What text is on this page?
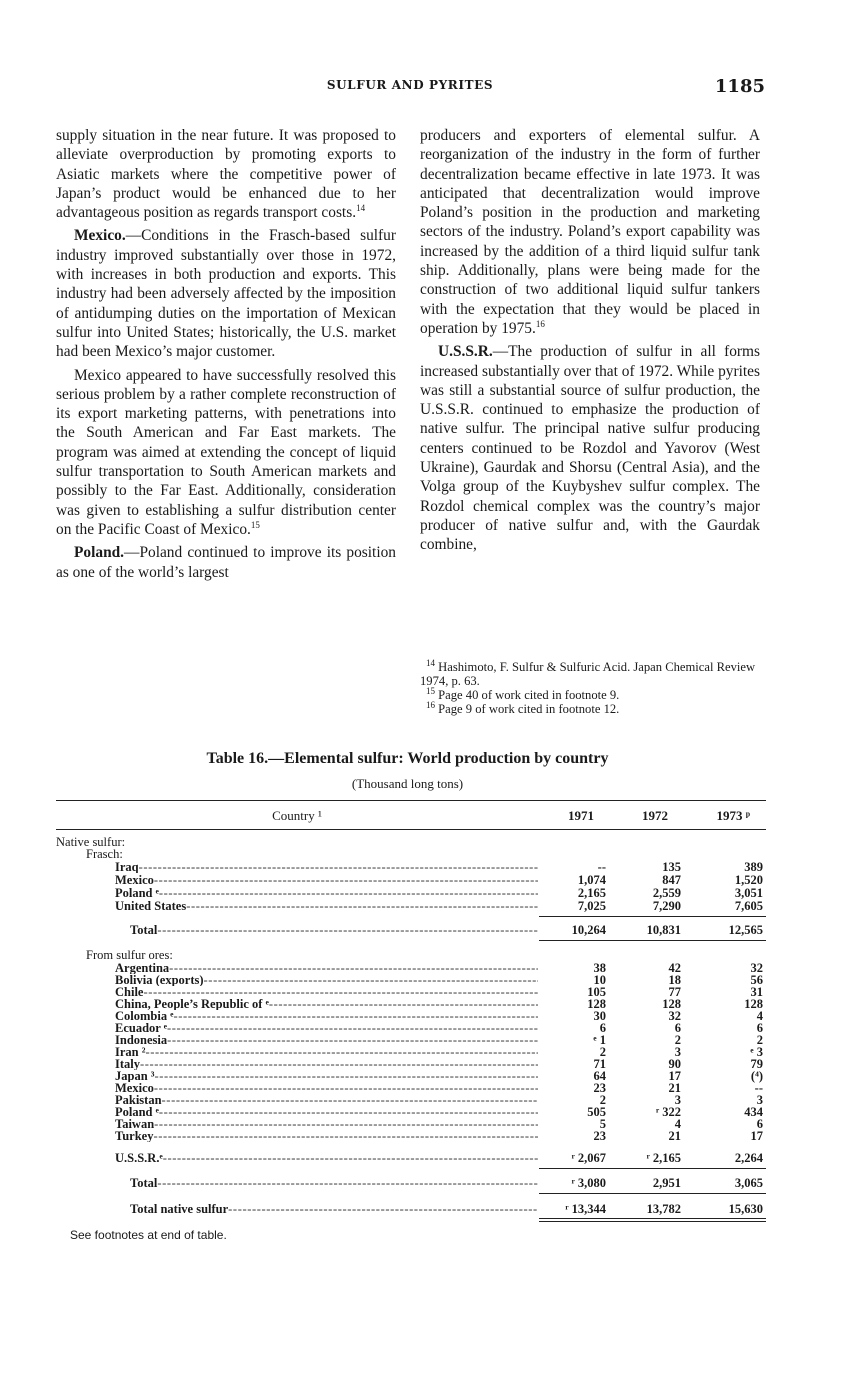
SULFUR AND PYRITES	1185

supply situation in the near future. It was proposed to alleviate overproduction by promoting exports to Asiatic markets where the competitive power of Japan’s product would be enhanced due to her advantageous position as regards transport costs.$^{14}$

Mexico.—Conditions in the Frasch-based sulfur industry improved substantially over those in 1972, with increases in both production and exports. This industry had been adversely affected by the imposition of antidumping duties on the importation of Mexican sulfur into United States; historically, the U.S. market had been Mexico’s major customer.

Mexico appeared to have successfully resolved this serious problem by a rather complete reconstruction of its export marketing patterns, with penetrations into the South American and Far East markets. The program was aimed at extending the concept of liquid sulfur transportation to South American markets and possibly to the Far East. Additionally, consideration was given to establishing a sulfur distribution center on the Pacific Coast of Mexico.$^{15}$

Poland.—Poland continued to improve its position as one of the world’s largest

producers and exporters of elemental sulfur. A reorganization of the industry in the form of further decentralization became effective in late 1973. It was anticipated that decentralization would improve Poland’s position in the production and marketing sectors of the industry. Poland’s export capability was increased by the addition of a third liquid sulfur tank ship. Additionally, plans were being made for the construction of two additional liquid sulfur tankers with the expectation that they would be placed in operation by 1975.16

U.S.S.R.—The production of sulfur in all forms increased substantially over that of 1972. While pyrites was still a substantial source of sulfur production, the U.S.S.R. continued to emphasize the production of native sulfur. The principal native sulfur producing centers continued to be Rozdol and Yavorov (West Ukraine), Gaurdak and Shorsu (Central Asia), and the Volga group of the Kuybyshev sulfur complex. The Rozdol chemical complex was the country’s major producer of native sulfur and, with the Gaurdak combine,

$^{14}$ Hashimoto, F. Sulfur & Sulfuric Acid. Japan Chemical Review 1974, p. 63.
$^{15}$ Page 40 of work cited in footnote 9.
$^{16}$ Page 9 of work cited in footnote 12.
Table 16.—Elemental sulfur: World production by country
(Thousand long tons)
Country ¹	1971	1972	1973 ᵖ
Native sulfur:
Frasch:
Iraq -----	--	135	389
Mexico -----	1,074	847	1,520
Poland ᵉ -----	2,165	2,559	3,051
United States -----	7,025	7,290	7,605
Total -----	10,264	10,831	12,565
From sulfur ores:
Argentina -----	38	42	32
Bolivia (exports) -----	10	18	56
Chile -----	105	77	31
China, People’s Republic of ᵉ -----	128	128	128
Colombia ᵉ -----	30	32	4
Ecuador ᵉ -----	6	6	6
Indonesia -----	ᵉ 1	2	2
Iran ² -----	2	3	ᵉ 3
Italy -----	71	90	79
Japan ³ -----	64	17	(⁴)
Mexico -----	23	21	--
Pakistan -----	2	3	3
Poland ᵉ -----	505	ʳ 322	434
Taiwan -----	5	4	6
Turkey -----	23	21	17
U.S.S.R.ᵉ -----	ʳ 2,067	ʳ 2,165	2,264
Total -----	ʳ 3,080	2,951	3,065
Total native sulfur -----	ʳ 13,344	13,782	15,630
See footnotes at end of table.
